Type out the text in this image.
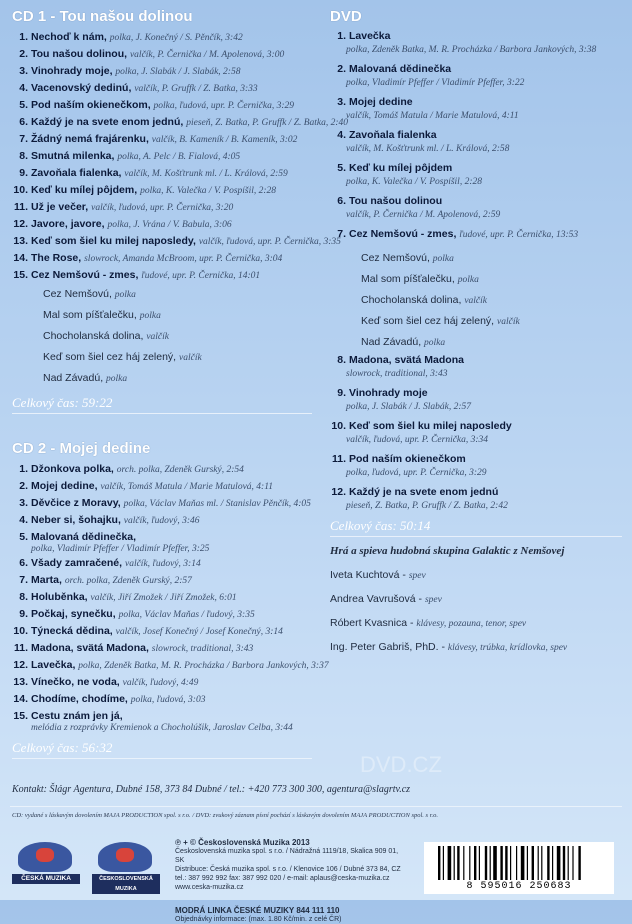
CD 1 - Tou našou dolinou
1. Nechoď k nám, polka, J. Konečný / S. Pěnčík, 3:42
2. Tou našou dolinou, valčík, P. Černička / M. Apolenová, 3:00
3. Vinohrady moje, polka, J. Slabák / J. Slabák, 2:58
4. Vacenovský dedinú, valčík, P. Gruffk / Z. Batka, 3:33
5. Pod naším okienečkom, polka, ľudová, upr. P. Černička, 3:29
6. Každý je na svete enom jednú, pieseň, Z. Batka, P. Gruffk / Z. Batka, 2:40
7. Žádný nemá frajárenku, valčík, B. Kameník / B. Kameník, 3:02
8. Smutná milenka, polka, A. Pelc / B. Fialová, 4:05
9. Zavoňala fialenka, valčík, M. Košťtrunk ml. / L. Králová, 2:59
10. Keď ku mílej pôjdem, polka, K. Valečka / V. Pospíšil, 2:28
11. Už je večer, valčík, ľudová, upr. P. Černička, 3:20
12. Javore, javore, polka, J. Vrána / V. Babula, 3:06
13. Keď som šiel ku milej naposledy, valčík, ľudová, upr. P. Černička, 3:35
14. The Rose, slowrock, Amanda McBroom, upr. P. Černička, 3:04
15. Cez Nemšovú - zmes, ľudové, upr. P. Černička, 14:01
Cez Nemšovú, polka
Mal som píšťalečku, polka
Chocholanská dolina, valčík
Keď som šiel cez háj zelený, valčík
Nad Závadú, polka
Celkový čas: 59:22
CD 2 - Mojej dedine
1. Džonkova polka, orch. polka, Zdeněk Gurský, 2:54
2. Mojej dedine, valčík, Tomáš Matula / Marie Matulová, 4:11
3. Děvčice z Moravy, polka, Václav Maňas ml. / Stanislav Pěnčík, 4:05
4. Neber si, šohajku, valčík, ľudový, 3:46
5. Malovaná dědinečka,
polka, Vladimír Pfeffer / Vladimír Pfeffer, 3:25
6. Všady zamračené, valčík, ľudový, 3:14
7. Marta, orch. polka, Zdeněk Gurský, 2:57
8. Holuběnka, valčík, Jiří Zmožek / Jiří Zmožek, 6:01
9. Počkaj, synečku, polka, Václav Maňas / ľudový, 3:35
10. Týnecká dědina, valčík, Josef Konečný / Josef Konečný, 3:14
11. Madona, svätá Madona, slowrock, traditional, 3:43
12. Lavečka, polka, Zdeněk Batka, M. R. Procházka / Barbora Jankových, 3:37
13. Vínečko, ne voda, valčík, ľudový, 4:49
14. Chodíme, chodíme, polka, ľudová, 3:03
15. Cestu znám jen já,
melódia z rozprávky Kremienok a Chocholúšik, Jaroslav Celba, 3:44
Celkový čas: 56:32
DVD
1. Lavečka
polka, Zdeněk Batka, M. R. Procházka / Barbora Jankových, 3:38
2. Malovaná dědinečka
polka, Vladimír Pfeffer / Vladimír Pfeffer, 3:22
3. Mojej dedine
valčík, Tomáš Matula / Marie Matulová, 4:11
4. Zavoňala fialenka
valčík, M. Košťtrunk ml. / L. Králová, 2:58
5. Keď ku mílej pôjdem
polka, K. Valečka / V. Pospíšil, 2:28
6. Tou našou dolinou
valčík, P. Černička / M. Apolenová, 2:59
7. Cez Nemšovú - zmes, ľudové, upr. P. Černička, 13:53
Cez Nemšovú, polka
Mal som píšťalečku, polka
Chocholanská dolina, valčík
Keď som šiel cez háj zelený, valčík
Nad Závadú, polka
8. Madona, svätá Madona
slowrock, traditional, 3:43
9. Vinohrady moje
polka, J. Slabák / J. Slabák, 2:57
10. Keď som šiel ku milej naposledy
valčík, ľudová, upr. P. Černička, 3:34
11. Pod naším okienečkom
polka, ľudová, upr. P. Černička, 3:29
12. Každý je na svete enom jednú
pieseň, Z. Batka, P. Gruffk / Z. Batka, 2:42
Celkový čas: 50:14
Hrá a spieva hudobná skupina Galaktic z Nemšovej
Iveta Kuchtová - spev
Andrea Vavrušová - spev
Róbert Kvasnica - klávesy, pozauna, tenor, spev
Ing. Peter Gabriš, PhD. - klávesy, trúbka, krídlovka, spev
DVD.CZ
Kontakt: Šlágr Agentura, Dubné 158, 373 84 Dubné / tel.: +420 773 300 300, agentura@slagrtv.cz
CD: vydané s láskavým dovolením MAJA PRODUCTION spol. s r.o. / DVD: zvukový záznam písní pochází s láskavým dovolením MAJA PRODUCTION spol. s r.o.
ČESKÁ MUZIKA	ČESKOSLOVENSKÁ MUZIKA
℗ + © Československá Muzika 2013
Československá muzika spol. s r.o. / Nádražná 1119/18, Skalica 909 01, SK
Distribuce: Česká muzika spol. s r.o. / Klenovice 106 / Dubné 373 84, CZ
tel.: 387 992 992 fax: 387 992 020 / e-mail: aplaus@ceska-muzika.cz
www.ceska-muzika.cz
MODRÁ LINKA ČESKÉ MUZIKY 844 111 110
Objednávky informace: (max. 1.80 Kč/min. z celé ČR)
8 595016 250683
